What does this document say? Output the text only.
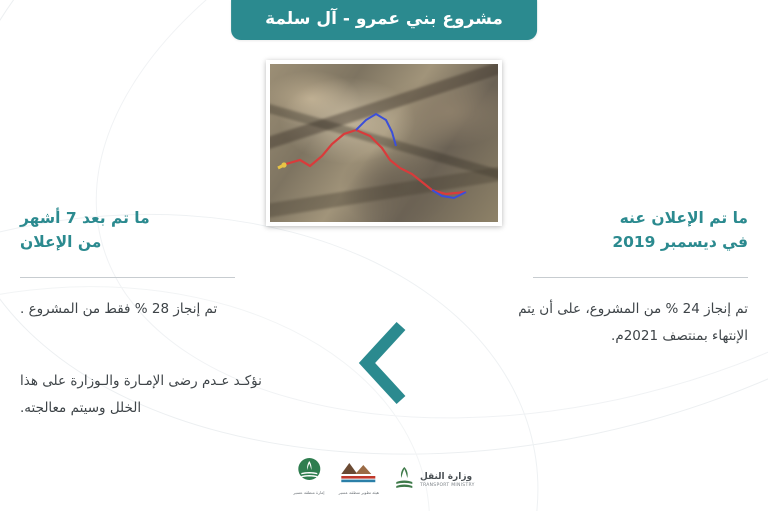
مشروع بني عمرو - آل سلمة
ما تم الإعلان عنه
في ديسمبر 2019
تم إنجاز 24 % من المشروع، على أن يتم الإنتهاء بمنتصف 2021م.
ما تم بعد 7 أشهر
من الإعلان
تم إنجاز 28 % فقط من المشروع .
نؤكـد عـدم رضى الإمـارة والـوزارة على هذا الخلل وسيتم معالجته.
وزارة النقل
TRANSPORT MINISTRY
هيئة تطوير منطقة عسير
إمارة منطقة عسير
